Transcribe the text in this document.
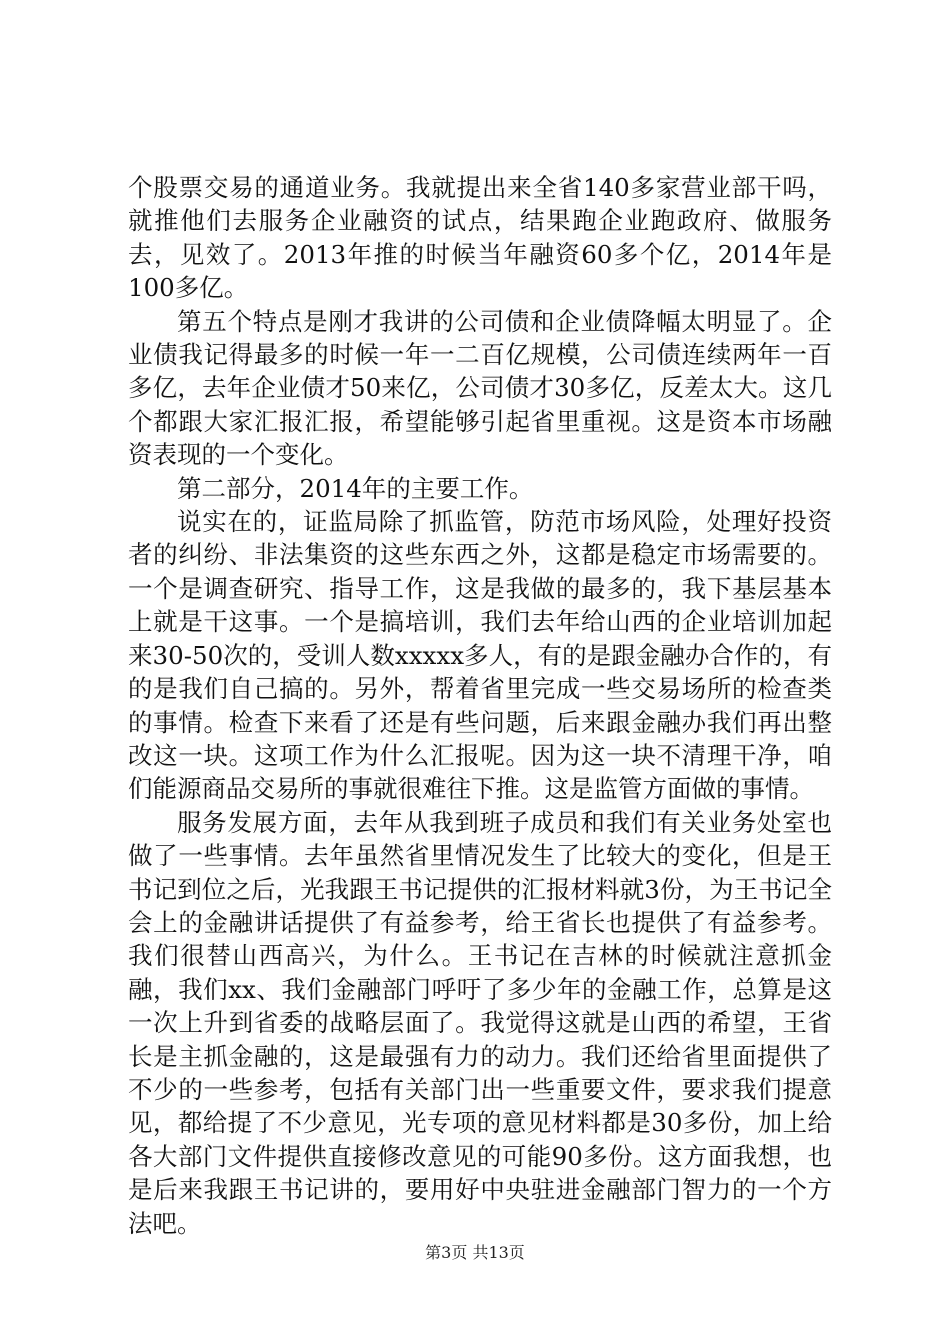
个股票交易的通道业务。我就提出来全省140多家营业部干吗，就推他们去服务企业融资的试点，结果跑企业跑政府、做服务去，见效了。2013年推的时候当年融资60多个亿，2014年是100多亿。

第五个特点是刚才我讲的公司债和企业债降幅太明显了。企业债我记得最多的时候一年一二百亿规模，公司债连续两年一百多亿，去年企业债才50来亿，公司债才30多亿，反差太大。这几个都跟大家汇报汇报，希望能够引起省里重视。这是资本市场融资表现的一个变化。

第二部分，2014年的主要工作。

说实在的，证监局除了抓监管，防范市场风险，处理好投资者的纠纷、非法集资的这些东西之外，这都是稳定市场需要的。一个是调查研究、指导工作，这是我做的最多的，我下基层基本上就是干这事。一个是搞培训，我们去年给山西的企业培训加起来30-50次的，受训人数xxxxx多人，有的是跟金融办合作的，有的是我们自己搞的。另外，帮着省里完成一些交易场所的检查类的事情。检查下来看了还是有些问题，后来跟金融办我们再出整改这一块。这项工作为什么汇报呢。因为这一块不清理干净，咱们能源商品交易所的事就很难往下推。这是监管方面做的事情。

服务发展方面，去年从我到班子成员和我们有关业务处室也做了一些事情。去年虽然省里情况发生了比较大的变化，但是王书记到位之后，光我跟王书记提供的汇报材料就3份，为王书记全会上的金融讲话提供了有益参考，给王省长也提供了有益参考。我们很替山西高兴，为什么。王书记在吉林的时候就注意抓金融，我们xx、我们金融部门呼吁了多少年的金融工作，总算是这一次上升到省委的战略层面了。我觉得这就是山西的希望，王省长是主抓金融的，这是最强有力的动力。我们还给省里面提供了不少的一些参考，包括有关部门出一些重要文件，要求我们提意见，都给提了不少意见，光专项的意见材料都是30多份，加上给各大部门文件提供直接修改意见的可能90多份。这方面我想，也是后来我跟王书记讲的，要用好中央驻进金融部门智力的一个方法吧。

第3页 共13页
